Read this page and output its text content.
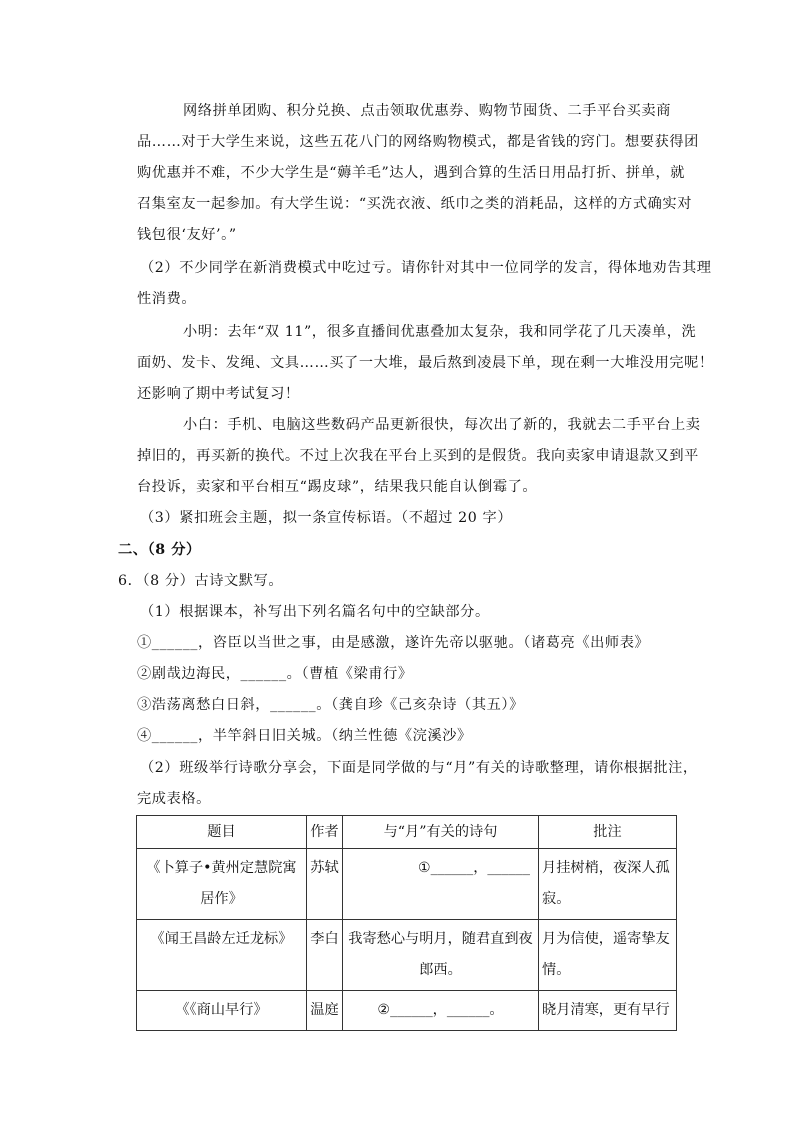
网络拼单团购、积分兑换、点击领取优惠券、购物节囤货、二手平台买卖商
品……对于大学生来说，这些五花八门的网络购物模式，都是省钱的窍门。想要获得团
购优惠并不难，不少大学生是“薅羊毛”达人，遇到合算的生活日用品打折、拼单，就
召集室友一起参加。有大学生说：“买洗衣液、纸巾之类的消耗品，这样的方式确实对
钱包很‘友好’。”
（2）不少同学在新消费模式中吃过亏。请你针对其中一位同学的发言，得体地劝告其理
性消费。
小明：去年“双 11”，很多直播间优惠叠加太复杂，我和同学花了几天凑单，洗
面奶、发卡、发绳、文具……买了一大堆，最后熬到凌晨下单，现在剩一大堆没用完呢！
还影响了期中考试复习！
小白：手机、电脑这些数码产品更新很快，每次出了新的，我就去二手平台上卖
掉旧的，再买新的换代。不过上次我在平台上买到的是假货。我向卖家申请退款又到平
台投诉，卖家和平台相互“踢皮球”，结果我只能自认倒霉了。
（3）紧扣班会主题，拟一条宣传标语。（不超过 20 字）
二、（8 分）
6．（8 分）古诗文默写。
（1）根据课本，补写出下列名篇名句中的空缺部分。
①______，咨臣以当世之事，由是感激，遂许先帝以驱驰。（诸葛亮《出师表》
②剧哉边海民，______。（曹植《梁甫行》
③浩荡离愁白日斜，______。（龚自珍《己亥杂诗（其五）》
④______，半竿斜日旧关城。（纳兰性德《浣溪沙》
（2）班级举行诗歌分享会，下面是同学做的与“月”有关的诗歌整理，请你根据批注，
完成表格。
题目	作者	与“月”有关的诗句	批注
《卜算子•黄州定慧院寓居作》	苏轼	①______，______	月挂树梢，夜深人孤寂。
《闻王昌龄左迁龙标》	李白	我寄愁心与明月，随君直到夜郎西。	月为信使，遥寄挚友情。
《《商山早行》	温庭	②______，______。	晓月清寒，更有早行
